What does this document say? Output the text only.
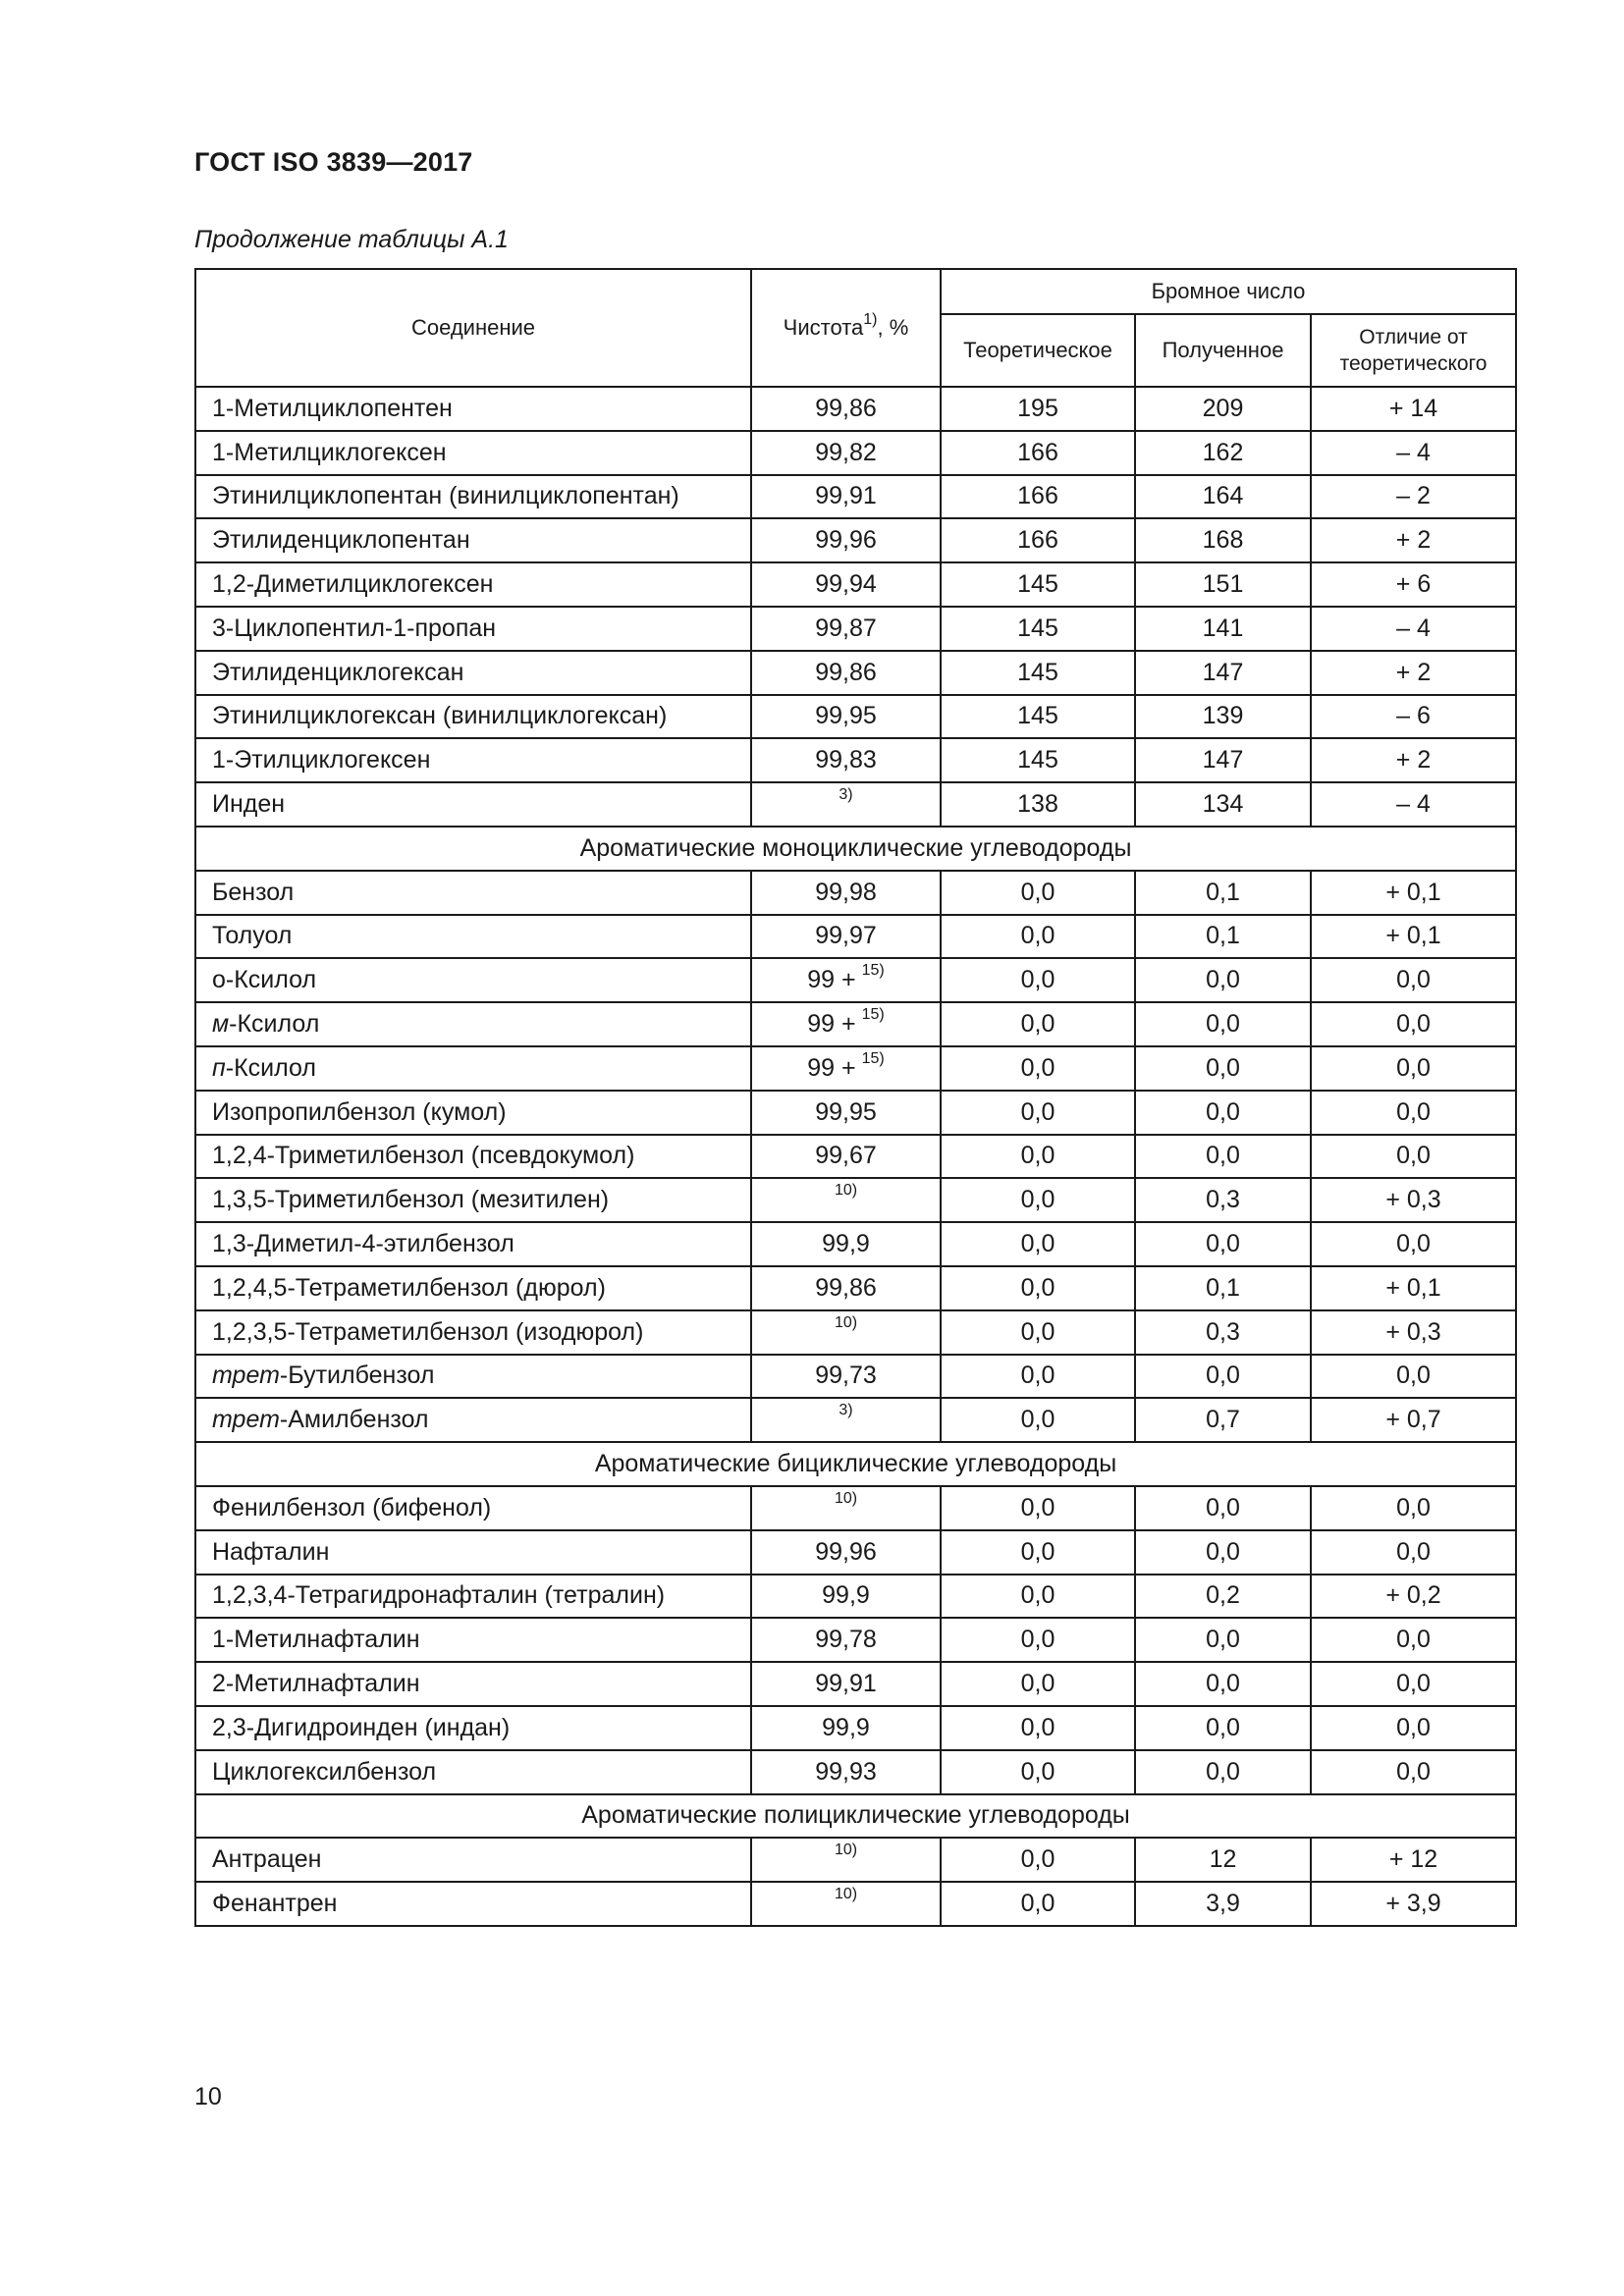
ГОСТ ISO 3839—2017
Продолжение таблицы А.1
Соединение	Чистота$^{1)}$, %	Бромное число		
		Теоретическое	Полученное	Отличие от теоретического
1-Метилциклопентен	99,86	195	209	+ 14
1-Метилциклогексен	99,82	166	162	– 4
Этинилциклопентан (винилциклопентан)	99,91	166	164	– 2
Этилиденциклопентан	99,96	166	168	+ 2
1,2-Диметилциклогексен	99,94	145	151	+ 6
3-Циклопентил-1-пропан	99,87	145	141	– 4
Этилиденциклогексан	99,86	145	147	+ 2
Этинилциклогексан (винилциклогексан)	99,95	145	139	– 6
1-Этилциклогексен	99,83	145	147	+ 2
Инден	$^{3)}$	138	134	– 4
Ароматические моноциклические углеводороды				
Бензол	99,98	0,0	0,1	+ 0,1
Толуол	99,97	0,0	0,1	+ 0,1
о-Ксилол	99 + $^{15)}$	0,0	0,0	0,0
м-Ксилол	99 + $^{15)}$	0,0	0,0	0,0
п-Ксилол	99 + $^{15)}$	0,0	0,0	0,0
Изопропилбензол (кумол)	99,95	0,0	0,0	0,0
1,2,4-Триметилбензол (псевдокумол)	99,67	0,0	0,0	0,0
1,3,5-Триметилбензол (мезитилен)	$^{10)}$	0,0	0,3	+ 0,3
1,3-Диметил-4-этилбензол	99,9	0,0	0,0	0,0
1,2,4,5-Тетраметилбензол (дюрол)	99,86	0,0	0,1	+ 0,1
1,2,3,5-Тетраметилбензол (изодюрол)	$^{10)}$	0,0	0,3	+ 0,3
трет-Бутилбензол	99,73	0,0	0,0	0,0
трет-Амилбензол	$^{3)}$	0,0	0,7	+ 0,7
Ароматические бициклические углеводороды				
Фенилбензол (бифенол)	$^{10)}$	0,0	0,0	0,0
Нафталин	99,96	0,0	0,0	0,0
1,2,3,4-Тетрагидронафталин (тетралин)	99,9	0,0	0,2	+ 0,2
1-Метилнафталин	99,78	0,0	0,0	0,0
2-Метилнафталин	99,91	0,0	0,0	0,0
2,3-Дигидроинден (индан)	99,9	0,0	0,0	0,0
Циклогексилбензол	99,93	0,0	0,0	0,0
Ароматические полициклические углеводороды				
Антрацен	$^{10)}$	0,0	12	+ 12
Фенантрен	$^{10)}$	0,0	3,9	+ 3,9
10
